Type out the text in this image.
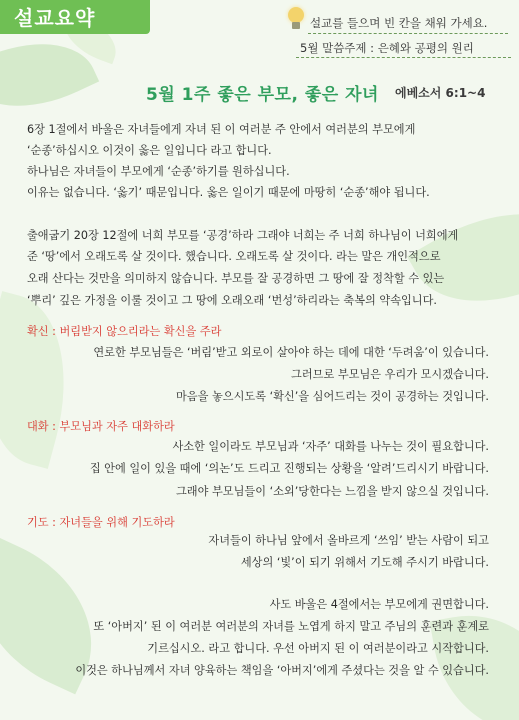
설교요약	설교를 들으며 빈 칸을 채워 가세요.
5월 말씀주제 : 은혜와 공평의 원리
5월 1주 좋은 부모, 좋은 자녀 에베소서 6:1~4
6장 1절에서 바울은 자녀들에게 자녀 된 이 여러분 주 안에서 여러분의 부모에게
‘순종’하십시오 이것이 옳은 일입니다 라고 합니다.
하나님은 자녀들이 부모에게 ‘순종’하기를 원하십니다.
이유는 없습니다. ‘옳기’ 때문입니다. 옳은 일이기 때문에 마땅히 ‘순종’해야 됩니다.
출애굽기 20장 12절에 너희 부모를 ‘공경’하라 그래야 너희는 주 너희 하나님이 너희에게
준 ‘땅’에서 오래도록 살 것이다. 했습니다. 오래도록 살 것이다. 라는 말은 개인적으로
오래 산다는 것만을 의미하지 않습니다. 부모를 잘 공경하면 그 땅에 잘 정착할 수 있는
‘뿌리’ 깊은 가정을 이룰 것이고 그 땅에 오래오래 ‘번성’하리라는 축복의 약속입니다.
확신 : 버림받지 않으리라는 확신을 주라
연로한 부모님들은 ‘버림’받고 외로이 살아야 하는 데에 대한 ‘두려움’이 있습니다.
그러므로 부모님은 우리가 모시겠습니다.
마음을 놓으시도록 ‘확신’을 심어드리는 것이 공경하는 것입니다.
대화 : 부모님과 자주 대화하라
사소한 일이라도 부모님과 ‘자주’ 대화를 나누는 것이 필요합니다.
집 안에 일이 있을 때에 ‘의논’도 드리고 진행되는 상황을 ‘알려’드리시기 바랍니다.
그래야 부모님들이 ‘소외’당한다는 느낌을 받지 않으실 것입니다.
기도 : 자녀들을 위해 기도하라
자녀들이 하나님 앞에서 올바르게 ‘쓰임’ 받는 사람이 되고
세상의 ‘빛’이 되기 위해서 기도해 주시기 바랍니다.
사도 바울은 4절에서는 부모에게 권면합니다.
또 ‘아버지’ 된 이 여러분 여러분의 자녀를 노엽게 하지 말고 주님의 훈련과 훈계로
기르십시오. 라고 합니다. 우선 아버지 된 이 여러분이라고 시작합니다.
이것은 하나님께서 자녀 양육하는 책임을 ‘아버지’에게 주셨다는 것을 알 수 있습니다.
